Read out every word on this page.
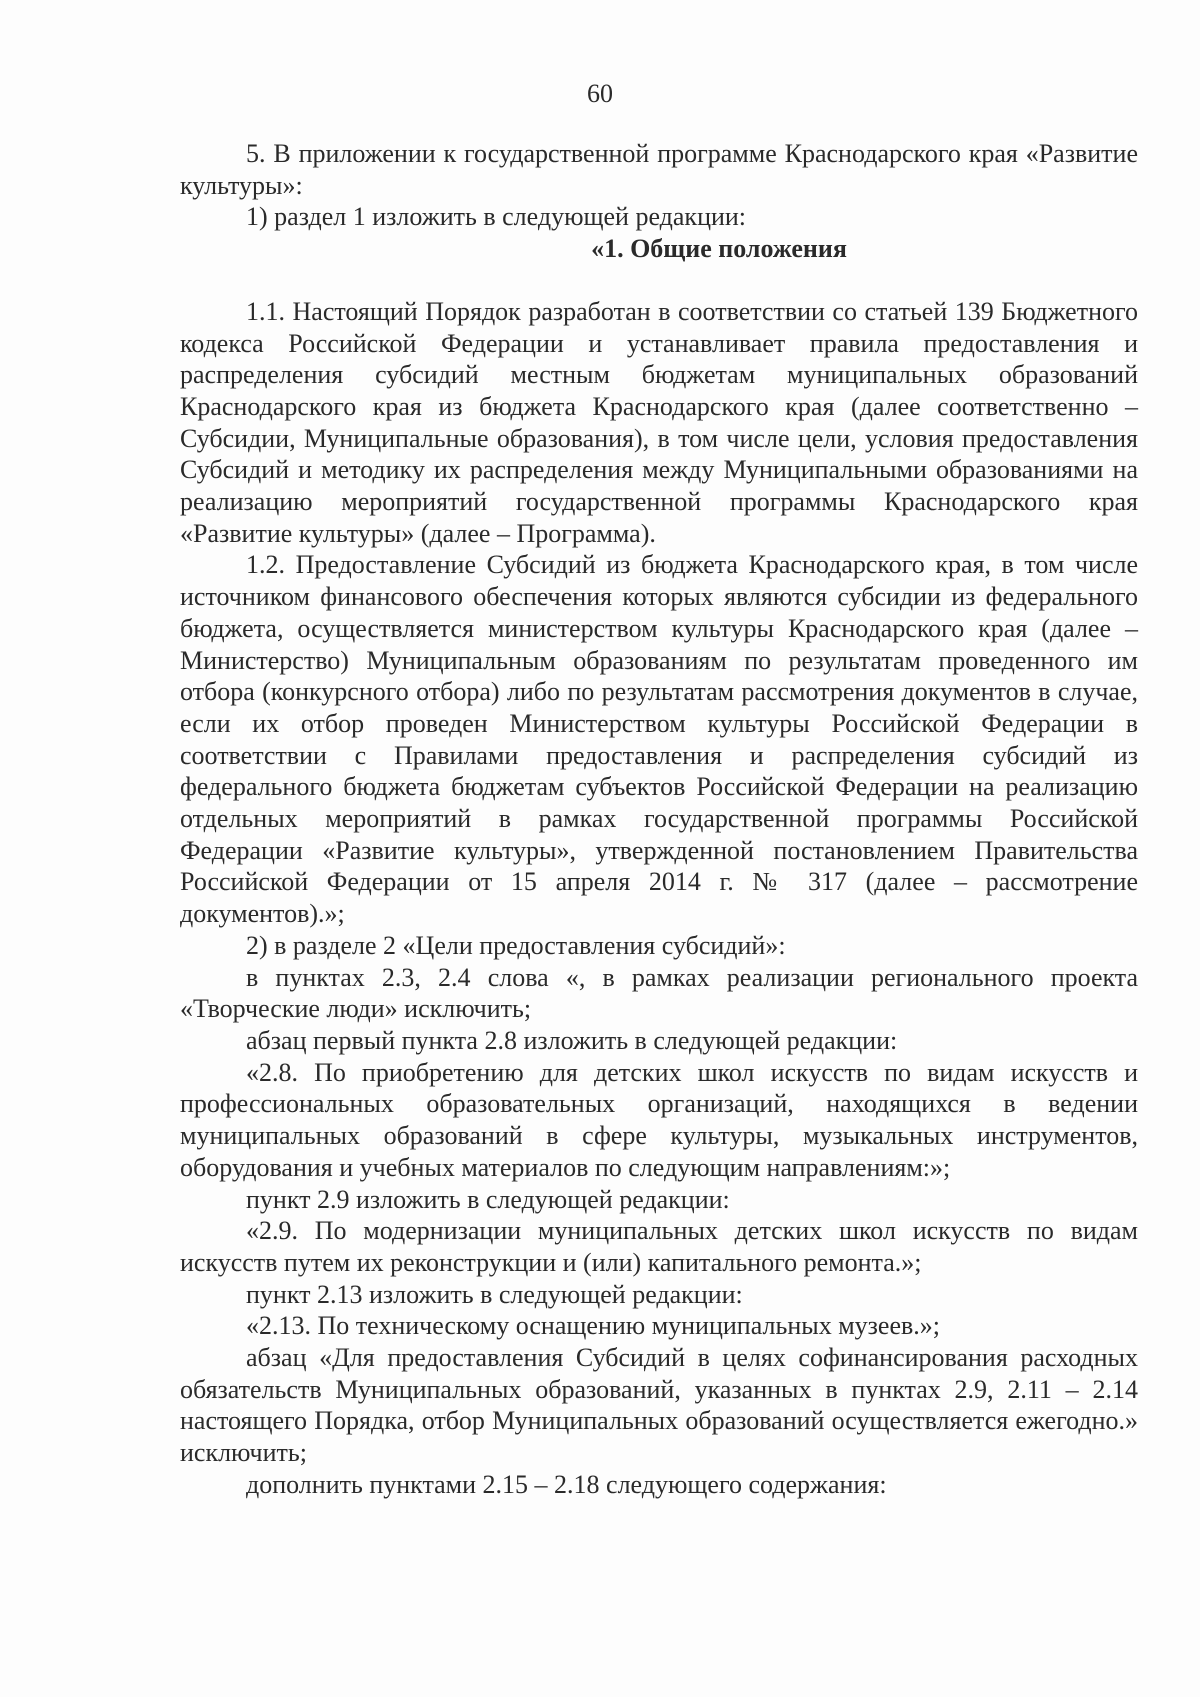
60

5. В приложении к государственной программе Краснодарского края «Развитие культуры»:

1) раздел 1 изложить в следующей редакции:

«1. Общие положения

1.1. Настоящий Порядок разработан в соответствии со статьей 139 Бюджетного кодекса Российской Федерации и устанавливает правила предоставления и распределения субсидий местным бюджетам муниципальных образований Краснодарского края из бюджета Краснодарского края (далее соответственно – Субсидии, Муниципальные образования), в том числе цели, условия предоставления Субсидий и методику их распределения между Муниципальными образованиями на реализацию мероприятий государственной программы Краснодарского края «Развитие культуры» (далее – Программа).

1.2. Предоставление Субсидий из бюджета Краснодарского края, в том числе источником финансового обеспечения которых являются субсидии из федерального бюджета, осуществляется министерством культуры Краснодарского края (далее – Министерство) Муниципальным образованиям по результатам проведенного им отбора (конкурсного отбора) либо по результатам рассмотрения документов в случае, если их отбор проведен Министерством культуры Российской Федерации в соответствии с Правилами предоставления и распределения субсидий из федерального бюджета бюджетам субъектов Российской Федерации на реализацию отдельных мероприятий в рамках государственной программы Российской Федерации «Развитие культуры», утвержденной постановлением Правительства Российской Федерации от 15 апреля 2014 г. № 317 (далее – рассмотрение документов).»;

2) в разделе 2 «Цели предоставления субсидий»:

в пунктах 2.3, 2.4 слова «, в рамках реализации регионального проекта «Творческие люди» исключить;

абзац первый пункта 2.8 изложить в следующей редакции:

«2.8. По приобретению для детских школ искусств по видам искусств и профессиональных образовательных организаций, находящихся в ведении муниципальных образований в сфере культуры, музыкальных инструментов, оборудования и учебных материалов по следующим направлениям:»;

пункт 2.9 изложить в следующей редакции:

«2.9. По модернизации муниципальных детских школ искусств по видам искусств путем их реконструкции и (или) капитального ремонта.»;

пункт 2.13 изложить в следующей редакции:

«2.13. По техническому оснащению муниципальных музеев.»;

абзац «Для предоставления Субсидий в целях софинансирования расходных обязательств Муниципальных образований, указанных в пунктах 2.9, 2.11 – 2.14 настоящего Порядка, отбор Муниципальных образований осуществляется ежегодно.» исключить;

дополнить пунктами 2.15 – 2.18 следующего содержания:
